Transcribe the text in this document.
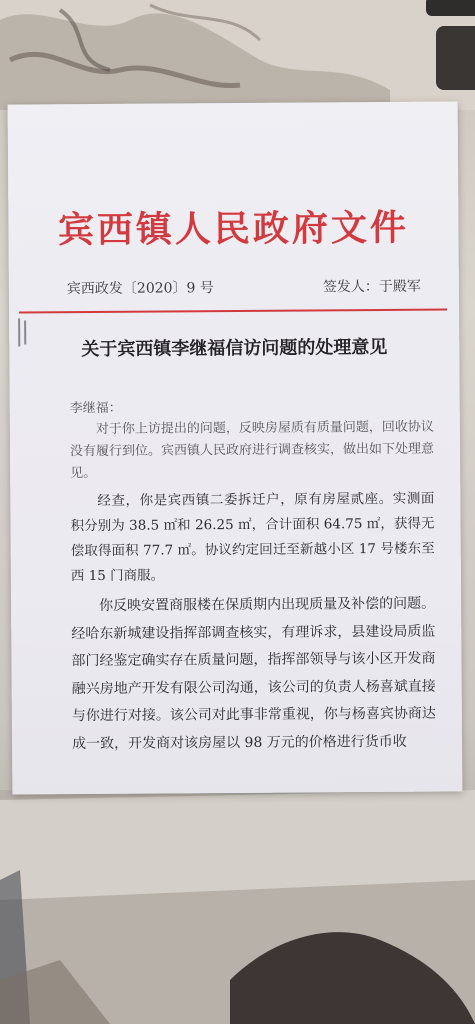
宾西镇人民政府文件
宾西政发〔2020〕9 号	签发人：于殿军
关于宾西镇李继福信访问题的处理意见
李继福：

对于你上访提出的问题，反映房屋质有质量问题，回收协议没有履行到位。宾西镇人民政府进行调查核实，做出如下处理意见。

经查，你是宾西镇二委拆迁户，原有房屋贰座。实测面积分别为 38.5 ㎡和 26.25 ㎡，合计面积 64.75 ㎡，获得无偿取得面积 77.7 ㎡。协议约定回迁至新越小区 17 号楼东至西 15 门商服。

你反映安置商服楼在保质期内出现质量及补偿的问题。经哈东新城建设指挥部调查核实，有理诉求，县建设局质监部门经鉴定确实存在质量问题，指挥部领导与该小区开发商融兴房地产开发有限公司沟通，该公司的负责人杨喜斌直接与你进行对接。该公司对此事非常重视，你与杨喜宾协商达成一致，开发商对该房屋以 98 万元的价格进行货币收
